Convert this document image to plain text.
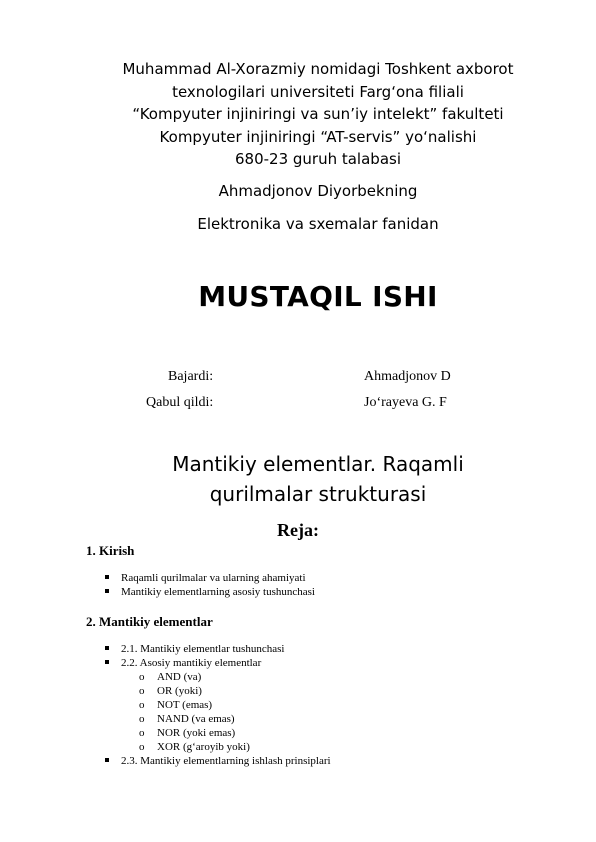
Muhammad Al-Xorazmiy nomidagi Toshkent axborot
texnologilari universiteti Farg‘ona filiali
“Kompyuter injiniringi va sun’iy intelekt” fakulteti
Kompyuter injiniringi “AT-servis” yo‘nalishi
680-23 guruh talabasi
Ahmadjonov Diyorbekning
Elektronika va sxemalar fanidan
MUSTAQIL ISHI
Bajardi:	Ahmadjonov D
Qabul qildi:	Jo‘rayeva G. F
Mantikiy elementlar. Raqamli
qurilmalar strukturasi
Reja:
1. Kirish
Raqamli qurilmalar va ularning ahamiyati
Mantikiy elementlarning asosiy tushunchasi
2. Mantikiy elementlar
2.1. Mantikiy elementlar tushunchasi
2.2. Asosiy mantikiy elementlar
o AND (va)
o OR (yoki)
o NOT (emas)
o NAND (va emas)
o NOR (yoki emas)
o XOR (g‘aroyib yoki)
2.3. Mantikiy elementlarning ishlash prinsiplari
